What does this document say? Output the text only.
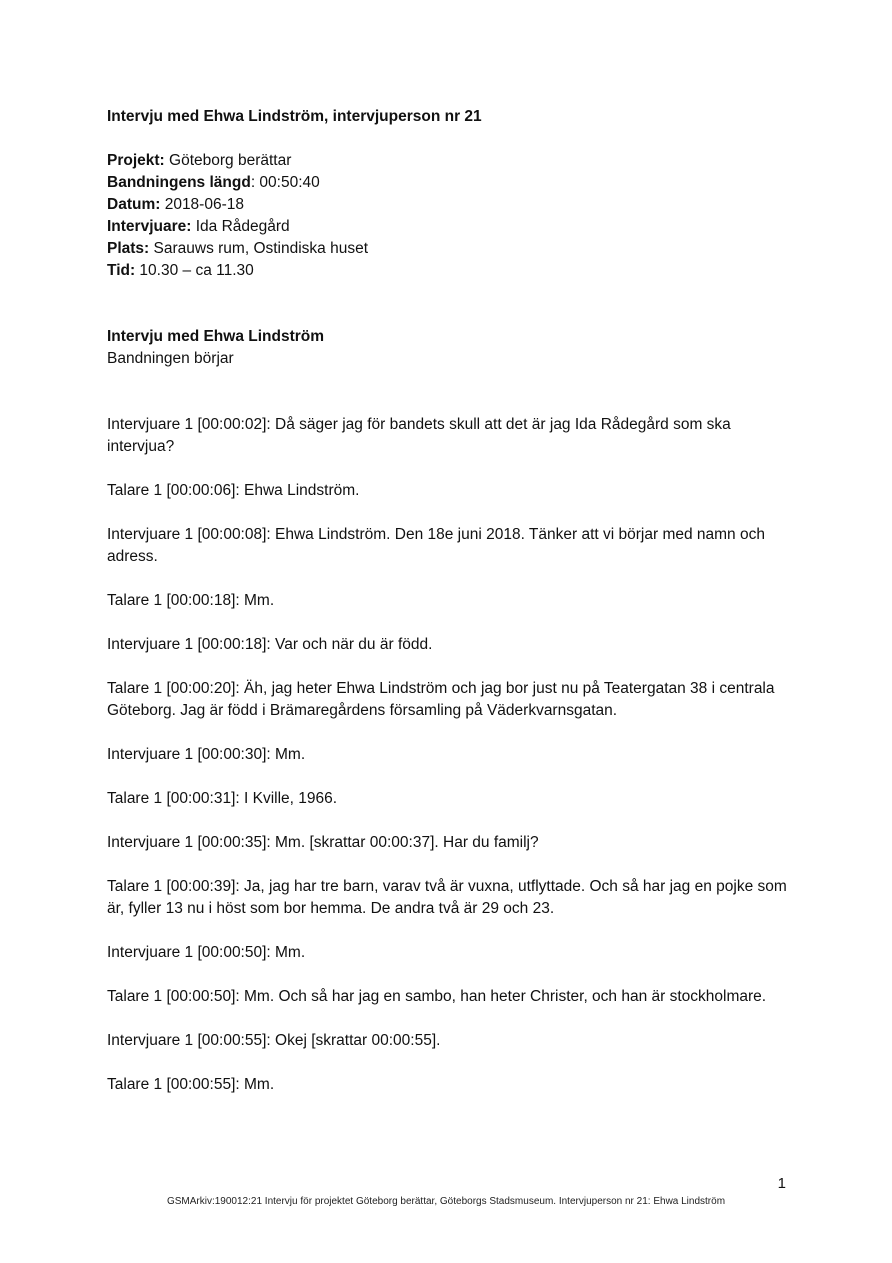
Intervju med Ehwa Lindström, intervjuperson nr 21
Projekt: Göteborg berättar
Bandningens längd: 00:50:40
Datum: 2018-06-18
Intervjuare: Ida Rådegård
Plats: Sarauws rum, Ostindiska huset
Tid: 10.30 – ca 11.30
Intervju med Ehwa Lindström
Bandningen börjar

Intervjuare 1 [00:00:02]: Då säger jag för bandets skull att det är jag Ida Rådegård som ska intervjua?

Talare 1 [00:00:06]: Ehwa Lindström.

Intervjuare 1 [00:00:08]: Ehwa Lindström. Den 18e juni 2018. Tänker att vi börjar med namn och adress.

Talare 1 [00:00:18]: Mm.

Intervjuare 1 [00:00:18]: Var och när du är född.

Talare 1 [00:00:20]: Äh, jag heter Ehwa Lindström och jag bor just nu på Teatergatan 38 i centrala Göteborg. Jag är född i Brämaregårdens församling på Väderkvarnsgatan.

Intervjuare 1 [00:00:30]: Mm.

Talare 1 [00:00:31]: I Kville, 1966.

Intervjuare 1 [00:00:35]: Mm. [skrattar 00:00:37]. Har du familj?

Talare 1 [00:00:39]: Ja, jag har tre barn, varav två är vuxna, utflyttade. Och så har jag en pojke som är, fyller 13 nu i höst som bor hemma. De andra två är 29 och 23.

Intervjuare 1 [00:00:50]: Mm.

Talare 1 [00:00:50]: Mm. Och så har jag en sambo, han heter Christer, och han är stockholmare.

Intervjuare 1 [00:00:55]: Okej [skrattar 00:00:55].

Talare 1 [00:00:55]: Mm.

1
GSMArkiv:190012:21 Intervju för projektet Göteborg berättar, Göteborgs Stadsmuseum. Intervjuperson nr 21: Ehwa Lindström
